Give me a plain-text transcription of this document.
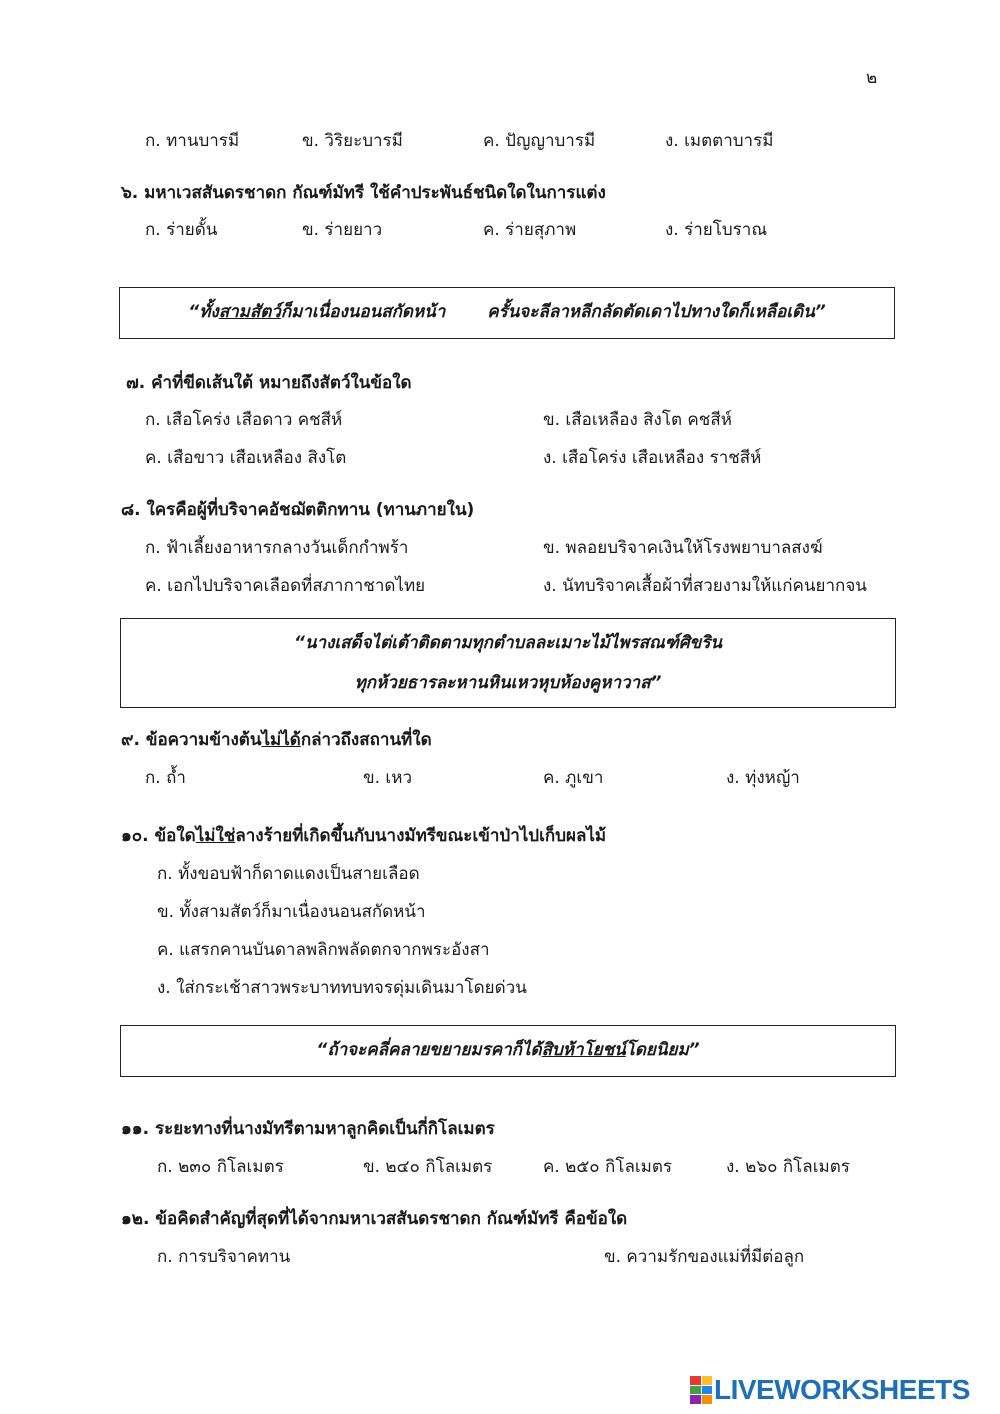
๒
ก. ทานบารมี	ข. วิริยะบารมี	ค. ปัญญาบารมี	ง. เมตตาบารมี
๖. มหาเวสสันดรชาดก กัณฑ์มัทรี ใช้คำประพันธ์ชนิดใดในการแต่ง
ก. ร่ายดั้น	ข. ร่ายยาว	ค. ร่ายสุภาพ	ง. ร่ายโบราณ
“ทั้งสามสัตว์ก็มาเนื่องนอนสกัดหน้า ครั้นจะลีลาหลีกลัดตัดเดาไปทางใดก็เหลือเดิน”
๗. คำที่ขีดเส้นใต้ หมายถึงสัตว์ในข้อใด
ก. เสือโคร่ง เสือดาว คชสีห์	ข. เสือเหลือง สิงโต คชสีห์
ค. เสือขาว เสือเหลือง สิงโต	ง. เสือโคร่ง เสือเหลือง ราชสีห์
๘. ใครคือผู้ที่บริจาคอัชฌัตติกทาน (ทานภายใน)
ก. ฟ้าเลี้ยงอาหารกลางวันเด็กกำพร้า	ข. พลอยบริจาคเงินให้โรงพยาบาลสงฆ์
ค. เอกไปบริจาคเลือดที่สภากาชาดไทย	ง. นัทบริจาคเสื้อผ้าที่สวยงามให้แก่คนยากจน
“นางเสด็จไต่เต้าติดตามทุกตำบลละเมาะไม้ไพรสณฑ์ศิขริน
ทุกห้วยธารละหานหินเหวหุบห้องคูหาวาส”
๙. ข้อความข้างต้นไม่ได้กล่าวถึงสถานที่ใด
ก. ถ้ำ	ข. เหว	ค. ภูเขา	ง. ทุ่งหญ้า
๑๐. ข้อใดไม่ใช่ลางร้ายที่เกิดขึ้นกับนางมัทรีขณะเข้าป่าไปเก็บผลไม้
ก. ทั้งขอบฟ้าก็ดาดแดงเป็นสายเลือด
ข. ทั้งสามสัตว์ก็มาเนื่องนอนสกัดหน้า
ค. แสรกคานบันดาลพลิกพลัดตกจากพระอังสา
ง. ใส่กระเช้าสาวพระบาททบทจรดุ่มเดินมาโดยด่วน
“ถ้าจะคลี่คลายขยายมรคาก็ได้สิบห้าโยชน์โดยนิยม”
๑๑. ระยะทางที่นางมัทรีตามหาลูกคิดเป็นกี่กิโลเมตร
ก. ๒๓๐ กิโลเมตร	ข. ๒๔๐ กิโลเมตร	ค. ๒๕๐ กิโลเมตร	ง. ๒๖๐ กิโลเมตร
๑๒. ข้อคิดสำคัญที่สุดที่ได้จากมหาเวสสันดรชาดก กัณฑ์มัทรี คือข้อใด
ก. การบริจาคทาน	ข. ความรักของแม่ที่มีต่อลูก
LIVEWORKSHEETS
